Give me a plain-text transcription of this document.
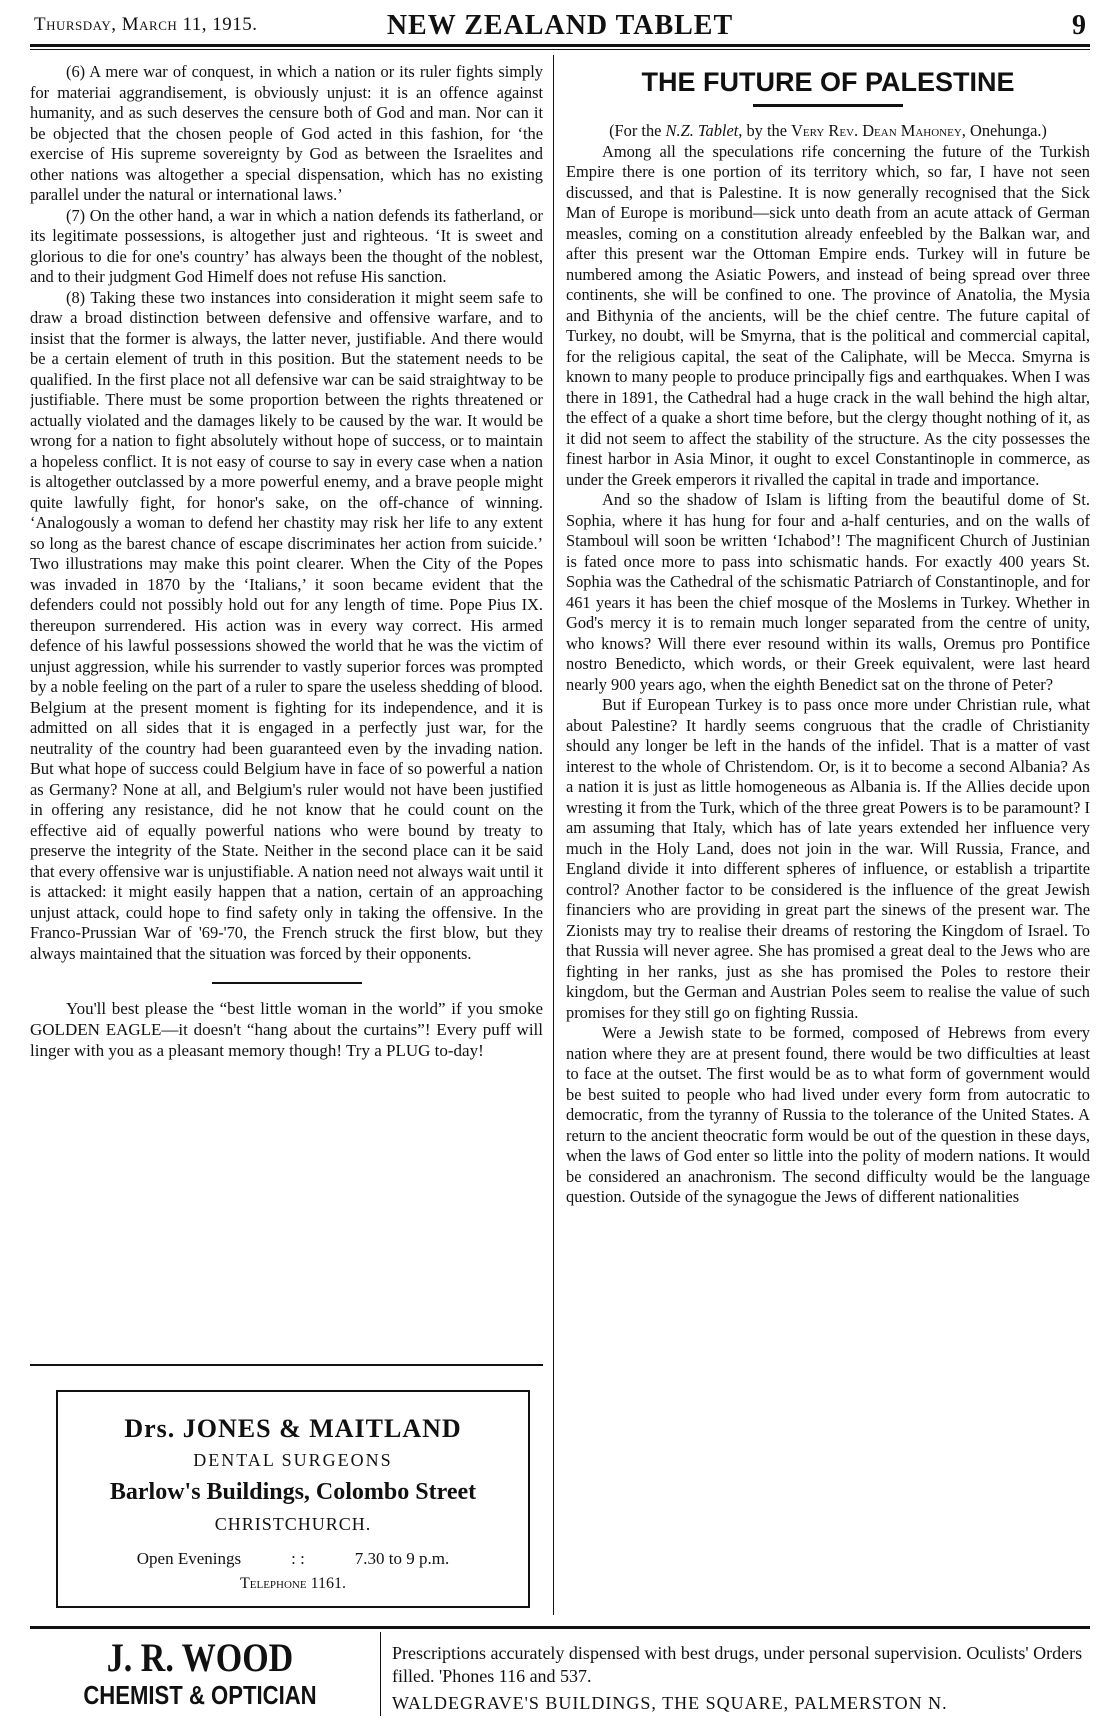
Thursday, March 11, 1915.	NEW ZEALAND TABLET	9

(6) A mere war of conquest, in which a nation or its ruler fights simply for materiai aggrandisement, is obviously unjust: it is an offence against humanity, and as such deserves the censure both of God and man. Nor can it be objected that the chosen people of God acted in this fashion, for ‘the exercise of His supreme sovereignty by God as between the Israelites and other nations was altogether a special dispensation, which has no existing parallel under the natural or international laws.’

(7) On the other hand, a war in which a nation defends its fatherland, or its legitimate possessions, is altogether just and righteous. ‘It is sweet and glorious to die for one's country’ has always been the thought of the noblest, and to their judgment God Himelf does not refuse His sanction.

(8) Taking these two instances into consideration it might seem safe to draw a broad distinction between defensive and offensive warfare, and to insist that the former is always, the latter never, justifiable. And there would be a certain element of truth in this position. But the statement needs to be qualified. In the first place not all defensive war can be said straightway to be justifiable. There must be some proportion between the rights threatened or actually violated and the damages likely to be caused by the war. It would be wrong for a nation to fight absolutely without hope of success, or to maintain a hopeless conflict. It is not easy of course to say in every case when a nation is altogether outclassed by a more powerful enemy, and a brave people might quite lawfully fight, for honor's sake, on the off-chance of winning. ‘Analogously a woman to defend her chastity may risk her life to any extent so long as the barest chance of escape discriminates her action from suicide.’ Two illustrations may make this point clearer. When the City of the Popes was invaded in 1870 by the ‘Italians,’ it soon became evident that the defenders could not possibly hold out for any length of time. Pope Pius IX. thereupon surrendered. His action was in every way correct. His armed defence of his lawful possessions showed the world that he was the victim of unjust aggression, while his surrender to vastly superior forces was prompted by a noble feeling on the part of a ruler to spare the useless shedding of blood. Belgium at the present moment is fighting for its independence, and it is admitted on all sides that it is engaged in a perfectly just war, for the neutrality of the country had been guaranteed even by the invading nation. But what hope of success could Belgium have in face of so powerful a nation as Germany? None at all, and Belgium's ruler would not have been justified in offering any resistance, did he not know that he could count on the effective aid of equally powerful nations who were bound by treaty to preserve the integrity of the State. Neither in the second place can it be said that every offensive war is unjustifiable. A nation need not always wait until it is attacked: it might easily happen that a nation, certain of an approaching unjust attack, could hope to find safety only in taking the offensive. In the Franco-Prussian War of '69-'70, the French struck the first blow, but they always maintained that the situation was forced by their opponents.

You'll best please the “best little woman in the world” if you smoke GOLDEN EAGLE—it doesn't “hang about the curtains”! Every puff will linger with you as a pleasant memory though! Try a PLUG to-day!

Drs. JONES & MAITLAND
DENTAL SURGEONS
Barlow's Buildings, Colombo Street
CHRISTCHURCH.
Open Evenings	: :	7.30 to 9 p.m.
Telephone 1161.
THE FUTURE OF PALESTINE

(For the N.Z. Tablet, by the Very Rev. Dean Mahoney, Onehunga.)

Among all the speculations rife concerning the future of the Turkish Empire there is one portion of its territory which, so far, I have not seen discussed, and that is Palestine. It is now generally recognised that the Sick Man of Europe is moribund—sick unto death from an acute attack of German measles, coming on a constitution already enfeebled by the Balkan war, and after this present war the Ottoman Empire ends. Turkey will in future be numbered among the Asiatic Powers, and instead of being spread over three continents, she will be confined to one. The province of Anatolia, the Mysia and Bithynia of the ancients, will be the chief centre. The future capital of Turkey, no doubt, will be Smyrna, that is the political and commercial capital, for the religious capital, the seat of the Caliphate, will be Mecca. Smyrna is known to many people to produce principally figs and earthquakes. When I was there in 1891, the Cathedral had a huge crack in the wall behind the high altar, the effect of a quake a short time before, but the clergy thought nothing of it, as it did not seem to affect the stability of the structure. As the city possesses the finest harbor in Asia Minor, it ought to excel Constantinople in commerce, as under the Greek emperors it rivalled the capital in trade and importance.

And so the shadow of Islam is lifting from the beautiful dome of St. Sophia, where it has hung for four and a-half centuries, and on the walls of Stamboul will soon be written ‘Ichabod’! The magnificent Church of Justinian is fated once more to pass into schismatic hands. For exactly 400 years St. Sophia was the Cathedral of the schismatic Patriarch of Constantinople, and for 461 years it has been the chief mosque of the Moslems in Turkey. Whether in God's mercy it is to remain much longer separated from the centre of unity, who knows? Will there ever resound within its walls, Oremus pro Pontifice nostro Benedicto, which words, or their Greek equivalent, were last heard nearly 900 years ago, when the eighth Benedict sat on the throne of Peter?

But if European Turkey is to pass once more under Christian rule, what about Palestine? It hardly seems congruous that the cradle of Christianity should any longer be left in the hands of the infidel. That is a matter of vast interest to the whole of Christendom. Or, is it to become a second Albania? As a nation it is just as little homogeneous as Albania is. If the Allies decide upon wresting it from the Turk, which of the three great Powers is to be paramount? I am assuming that Italy, which has of late years extended her influence very much in the Holy Land, does not join in the war. Will Russia, France, and England divide it into different spheres of influence, or establish a tripartite control? Another factor to be considered is the influence of the great Jewish financiers who are providing in great part the sinews of the present war. The Zionists may try to realise their dreams of restoring the Kingdom of Israel. To that Russia will never agree. She has promised a great deal to the Jews who are fighting in her ranks, just as she has promised the Poles to restore their kingdom, but the German and Austrian Poles seem to realise the value of such promises for they still go on fighting Russia.

Were a Jewish state to be formed, composed of Hebrews from every nation where they are at present found, there would be two difficulties at least to face at the outset. The first would be as to what form of government would be best suited to people who had lived under every form from autocratic to democratic, from the tyranny of Russia to the tolerance of the United States. A return to the ancient theocratic form would be out of the question in these days, when the laws of God enter so little into the polity of modern nations. It would be considered an anachronism. The second difficulty would be the language question. Outside of the synagogue the Jews of different nationalities

J. R. WOOD
CHEMIST & OPTICIAN

Prescriptions accurately dispensed with best drugs, under personal supervision. Oculists' Orders filled. 'Phones 116 and 537.

WALDEGRAVE'S BUILDINGS, THE SQUARE, PALMERSTON N.
